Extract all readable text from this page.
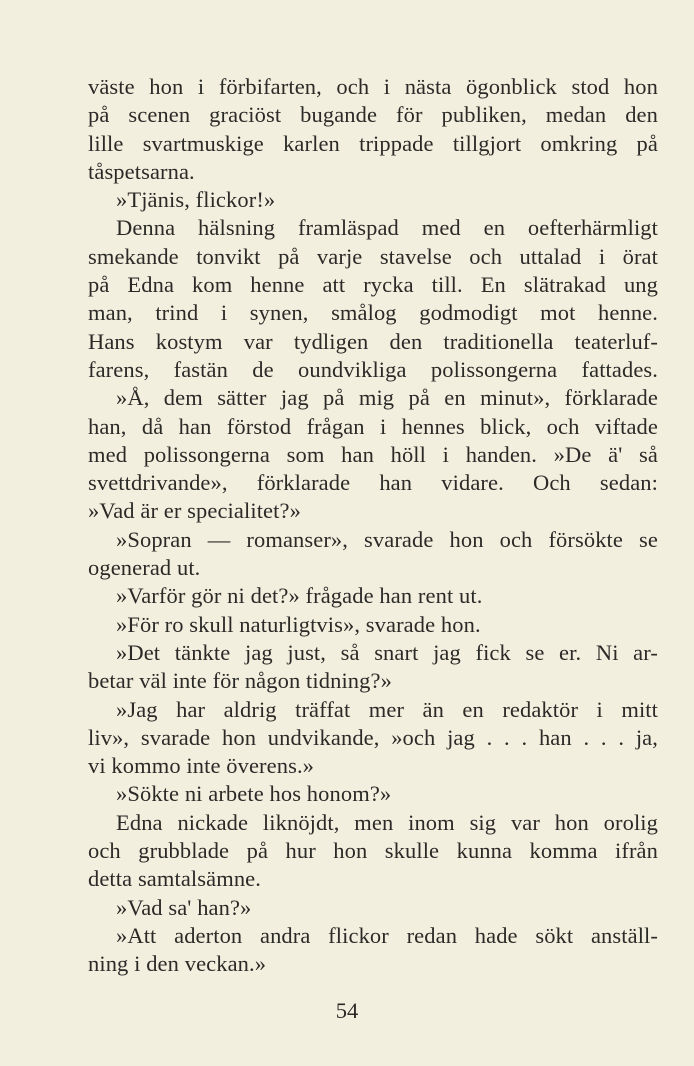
väste hon i förbifarten, och i nästa ögonblick stod hon
på scenen graciöst bugande för publiken, medan den
lille svartmuskige karlen trippade tillgjort omkring på
tåspetsarna.
»Tjänis, flickor!»
Denna hälsning framläspad med en oefterhärmligt
smekande tonvikt på varje stavelse och uttalad i örat
på Edna kom henne att rycka till. En slätrakad ung
man, trind i synen, smålog godmodigt mot henne.
Hans kostym var tydligen den traditionella teaterluf-
farens, fastän de oundvikliga polissongerna fattades.
»Å, dem sätter jag på mig på en minut», förklarade
han, då han förstod frågan i hennes blick, och viftade
med polissongerna som han höll i handen. »De ä' så
svettdrivande», förklarade han vidare. Och sedan:
»Vad är er specialitet?»
»Sopran — romanser», svarade hon och försökte se
ogenerad ut.
»Varför gör ni det?» frågade han rent ut.
»För ro skull naturligtvis», svarade hon.
»Det tänkte jag just, så snart jag fick se er. Ni ar-
betar väl inte för någon tidning?»
»Jag har aldrig träffat mer än en redaktör i mitt
liv», svarade hon undvikande, »och jag . . . han . . . ja,
vi kommo inte överens.»
»Sökte ni arbete hos honom?»
Edna nickade liknöjdt, men inom sig var hon orolig
och grubblade på hur hon skulle kunna komma ifrån
detta samtalsämne.
»Vad sa' han?»
»Att aderton andra flickor redan hade sökt anställ-
ning i den veckan.»
54
